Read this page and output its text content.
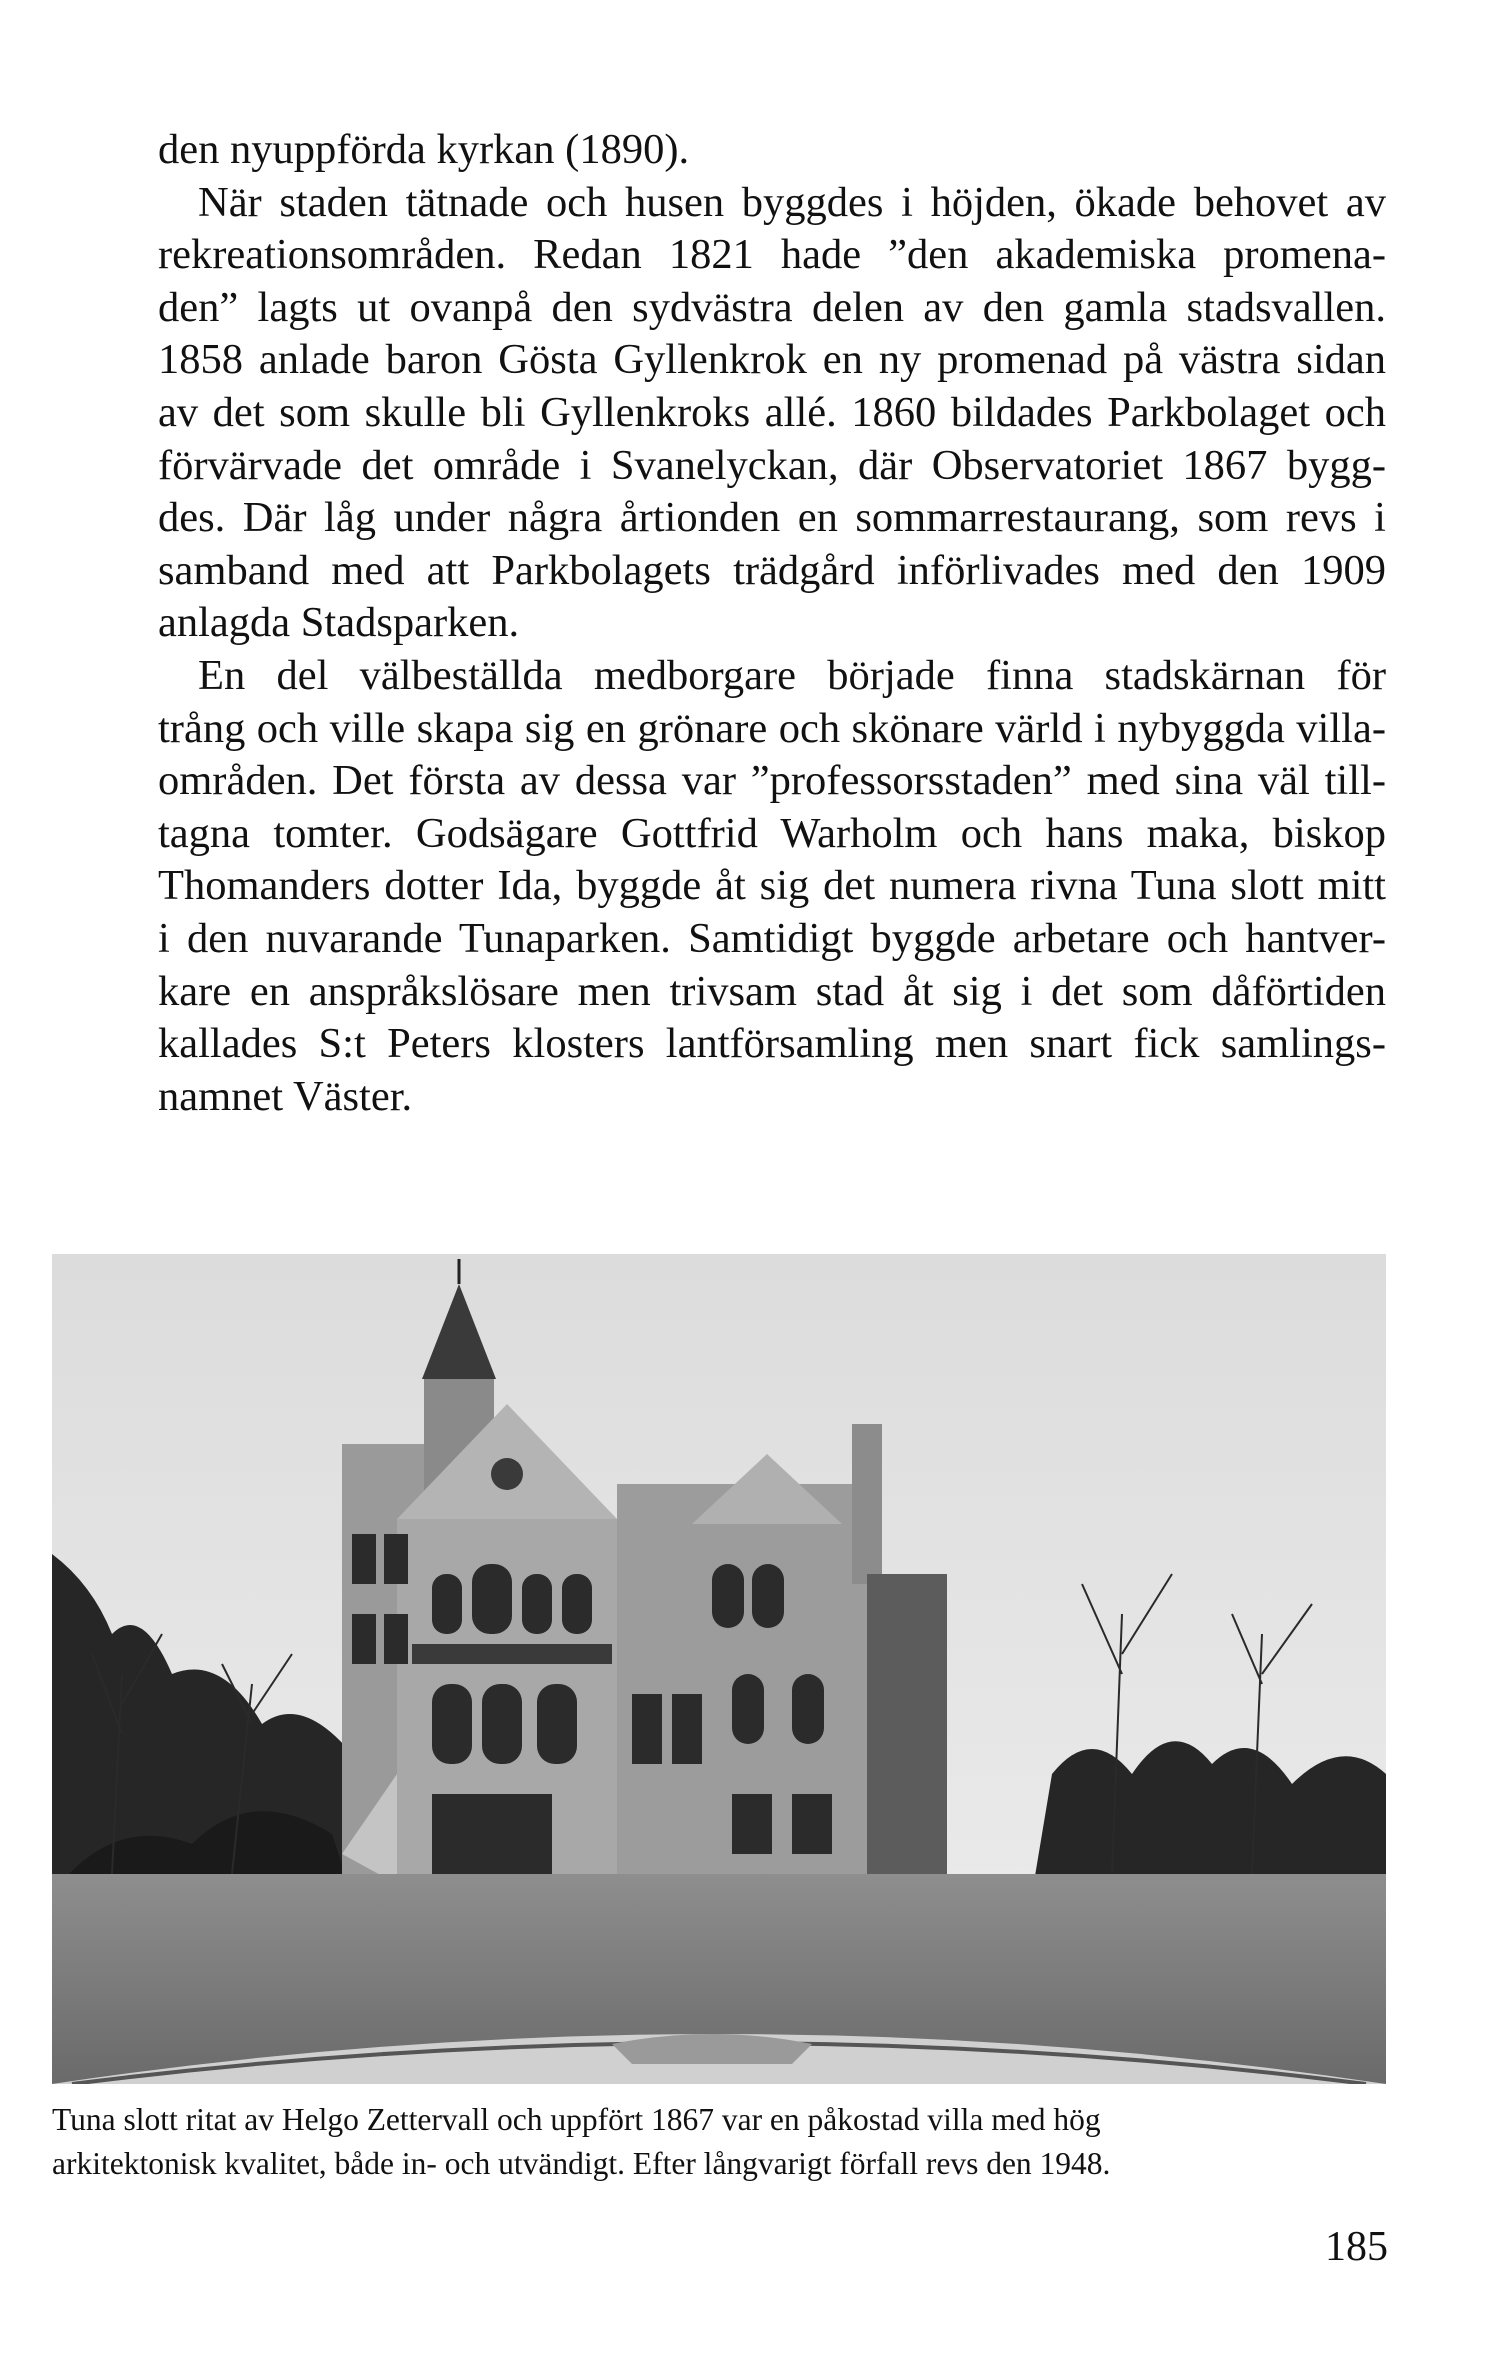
den nyuppförda kyrkan (1890).
När staden tätnade och husen byggdes i höjden, ökade behovet av
rekreationsområden. Redan 1821 hade ”den akademiska promena-
den” lagts ut ovanpå den sydvästra delen av den gamla stadsvallen.
1858 anlade baron Gösta Gyllenkrok en ny promenad på västra sidan
av det som skulle bli Gyllenkroks allé. 1860 bildades Parkbolaget och
förvärvade det område i Svanelyckan, där Observatoriet 1867 bygg-
des. Där låg under några årtionden en sommarrestaurang, som revs i
samband med att Parkbolagets trädgård införlivades med den 1909
anlagda Stadsparken.
En del välbeställda medborgare började finna stadskärnan för
trång och ville skapa sig en grönare och skönare värld i nybyggda villa-
områden. Det första av dessa var ”professorsstaden” med sina väl till-
tagna tomter. Godsägare Gottfrid Warholm och hans maka, biskop
Thomanders dotter Ida, byggde åt sig det numera rivna Tuna slott mitt
i den nuvarande Tunaparken. Samtidigt byggde arbetare och hantver-
kare en anspråkslösare men trivsam stad åt sig i det som dåförtiden
kallades S:t Peters klosters lantförsamling men snart fick samlings-
namnet Väster.
Tuna slott ritat av Helgo Zettervall och uppfört 1867 var en påkostad villa med hög
arkitektonisk kvalitet, både in- och utvändigt. Efter långvarigt förfall revs den 1948.
185
